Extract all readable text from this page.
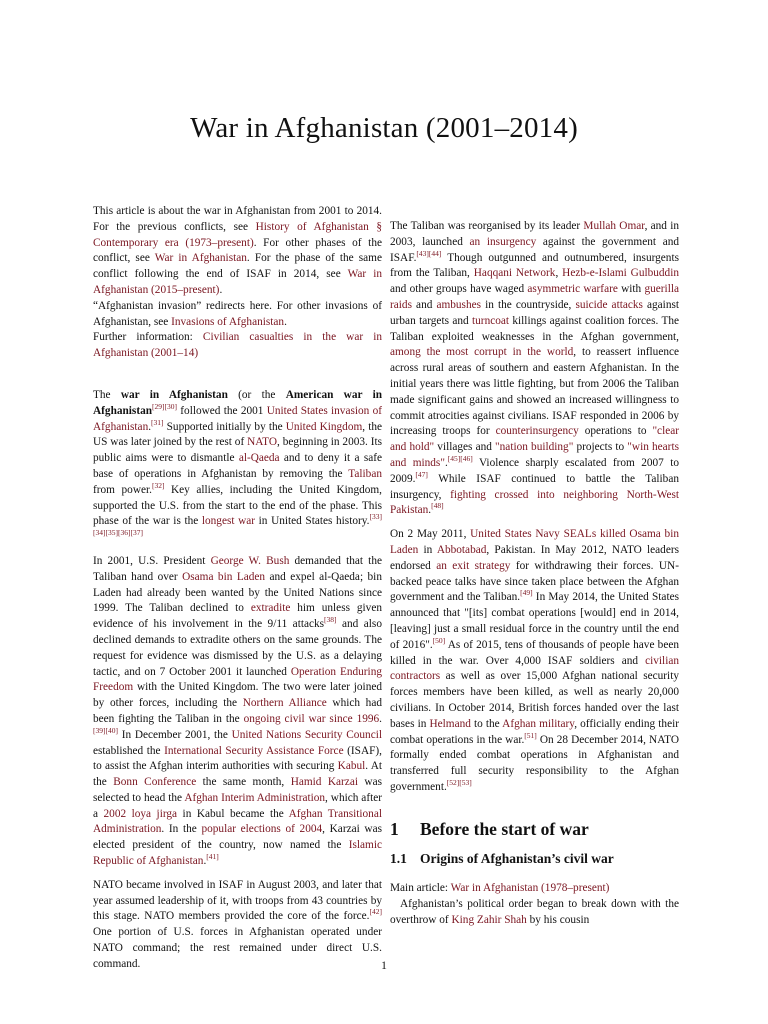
War in Afghanistan (2001–2014)

This article is about the war in Afghanistan from 2001 to 2014. For the previous conflicts, see History of Afghanistan § Contemporary era (1973–present). For other phases of the conflict, see War in Afghanistan. For the phase of the same conflict following the end of ISAF in 2014, see War in Afghanistan (2015–present).

“Afghanistan invasion” redirects here. For other invasions of Afghanistan, see Invasions of Afghanistan.

Further information: Civilian casualties in the war in Afghanistan (2001–14)

The war in Afghanistan (or the American war in Afghanistan[29][30] followed the 2001 United States invasion of Afghanistan.[31] Supported initially by the United Kingdom, the US was later joined by the rest of NATO, beginning in 2003. Its public aims were to dismantle al-Qaeda and to deny it a safe base of operations in Afghanistan by removing the Taliban from power.[32] Key allies, including the United Kingdom, supported the U.S. from the start to the end of the phase. This phase of the war is the longest war in United States history.[33][34][35][36][37]

In 2001, U.S. President George W. Bush demanded that the Taliban hand over Osama bin Laden and expel al-Qaeda; bin Laden had already been wanted by the United Nations since 1999. The Taliban declined to extradite him unless given evidence of his involvement in the 9/11 attacks[38] and also declined demands to extradite others on the same grounds. The request for evidence was dismissed by the U.S. as a delaying tactic, and on 7 October 2001 it launched Operation Enduring Freedom with the United Kingdom. The two were later joined by other forces, including the Northern Alliance which had been fighting the Taliban in the ongoing civil war since 1996.[39][40] In December 2001, the United Nations Security Council established the International Security Assistance Force (ISAF), to assist the Afghan interim authorities with securing Kabul. At the Bonn Conference the same month, Hamid Karzai was selected to head the Afghan Interim Administration, which after a 2002 loya jirga in Kabul became the Afghan Transitional Administration. In the popular elections of 2004, Karzai was elected president of the country, now named the Islamic Republic of Afghanistan.[41]

NATO became involved in ISAF in August 2003, and later that year assumed leadership of it, with troops from 43 countries by this stage. NATO members provided the core of the force.[42] One portion of U.S. forces in Afghanistan operated under NATO command; the rest remained under direct U.S. command.

The Taliban was reorganised by its leader Mullah Omar, and in 2003, launched an insurgency against the government and ISAF.[43][44] Though outgunned and outnumbered, insurgents from the Taliban, Haqqani Network, Hezb-e-Islami Gulbuddin and other groups have waged asymmetric warfare with guerilla raids and ambushes in the countryside, suicide attacks against urban targets and turncoat killings against coalition forces. The Taliban exploited weaknesses in the Afghan government, among the most corrupt in the world, to reassert influence across rural areas of southern and eastern Afghanistan. In the initial years there was little fighting, but from 2006 the Taliban made significant gains and showed an increased willingness to commit atrocities against civilians. ISAF responded in 2006 by increasing troops for counterinsurgency operations to "clear and hold" villages and "nation building" projects to "win hearts and minds".[45][46] Violence sharply escalated from 2007 to 2009.[47] While ISAF continued to battle the Taliban insurgency, fighting crossed into neighboring North-West Pakistan.[48]

On 2 May 2011, United States Navy SEALs killed Osama bin Laden in Abbotabad, Pakistan. In May 2012, NATO leaders endorsed an exit strategy for withdrawing their forces. UN-backed peace talks have since taken place between the Afghan government and the Taliban.[49] In May 2014, the United States announced that "[its] combat operations [would] end in 2014, [leaving] just a small residual force in the country until the end of 2016".[50] As of 2015, tens of thousands of people have been killed in the war. Over 4,000 ISAF soldiers and civilian contractors as well as over 15,000 Afghan national security forces members have been killed, as well as nearly 20,000 civilians. In October 2014, British forces handed over the last bases in Helmand to the Afghan military, officially ending their combat operations in the war.[51] On 28 December 2014, NATO formally ended combat operations in Afghanistan and transferred full security responsibility to the Afghan government.[52][53]

1	Before the start of war
1.1 Origins of Afghanistan’s civil war

Main article: War in Afghanistan (1978–present)

Afghanistan’s political order began to break down with the overthrow of King Zahir Shah by his cousin

1
